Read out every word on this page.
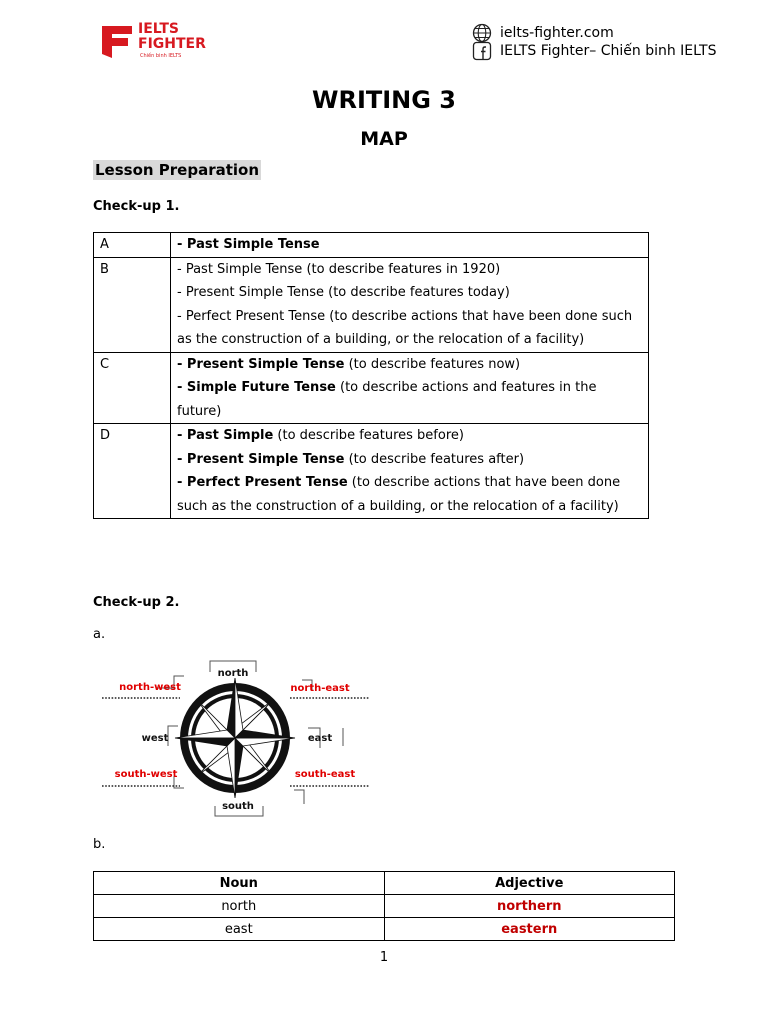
IELTS
FIGHTER
Chiến binh IELTS
ielts-fighter.com
IELTS Fighter– Chiến binh IELTS
WRITING 3
MAP
Lesson Preparation
Check-up 1.
A	- Past Simple Tense

B	- Past Simple Tense (to describe features in 1920)
- Present Simple Tense (to describe features today)
- Perfect Present Tense (to describe actions that have been done such as the construction of a building, or the relocation of a facility)

C	- Present Simple Tense (to describe features now)
- Simple Future Tense (to describe actions and features in the future)

D	- Past Simple (to describe features before)
- Present Simple Tense (to describe features after)
- Perfect Present Tense (to describe actions that have been done such as the construction of a building, or the relocation of a facility)
Check-up 2.
a.
north
south
west	east
north-west	north-east
south-west	south-east
b.
Noun	Adjective
north	northern
east	eastern
1
